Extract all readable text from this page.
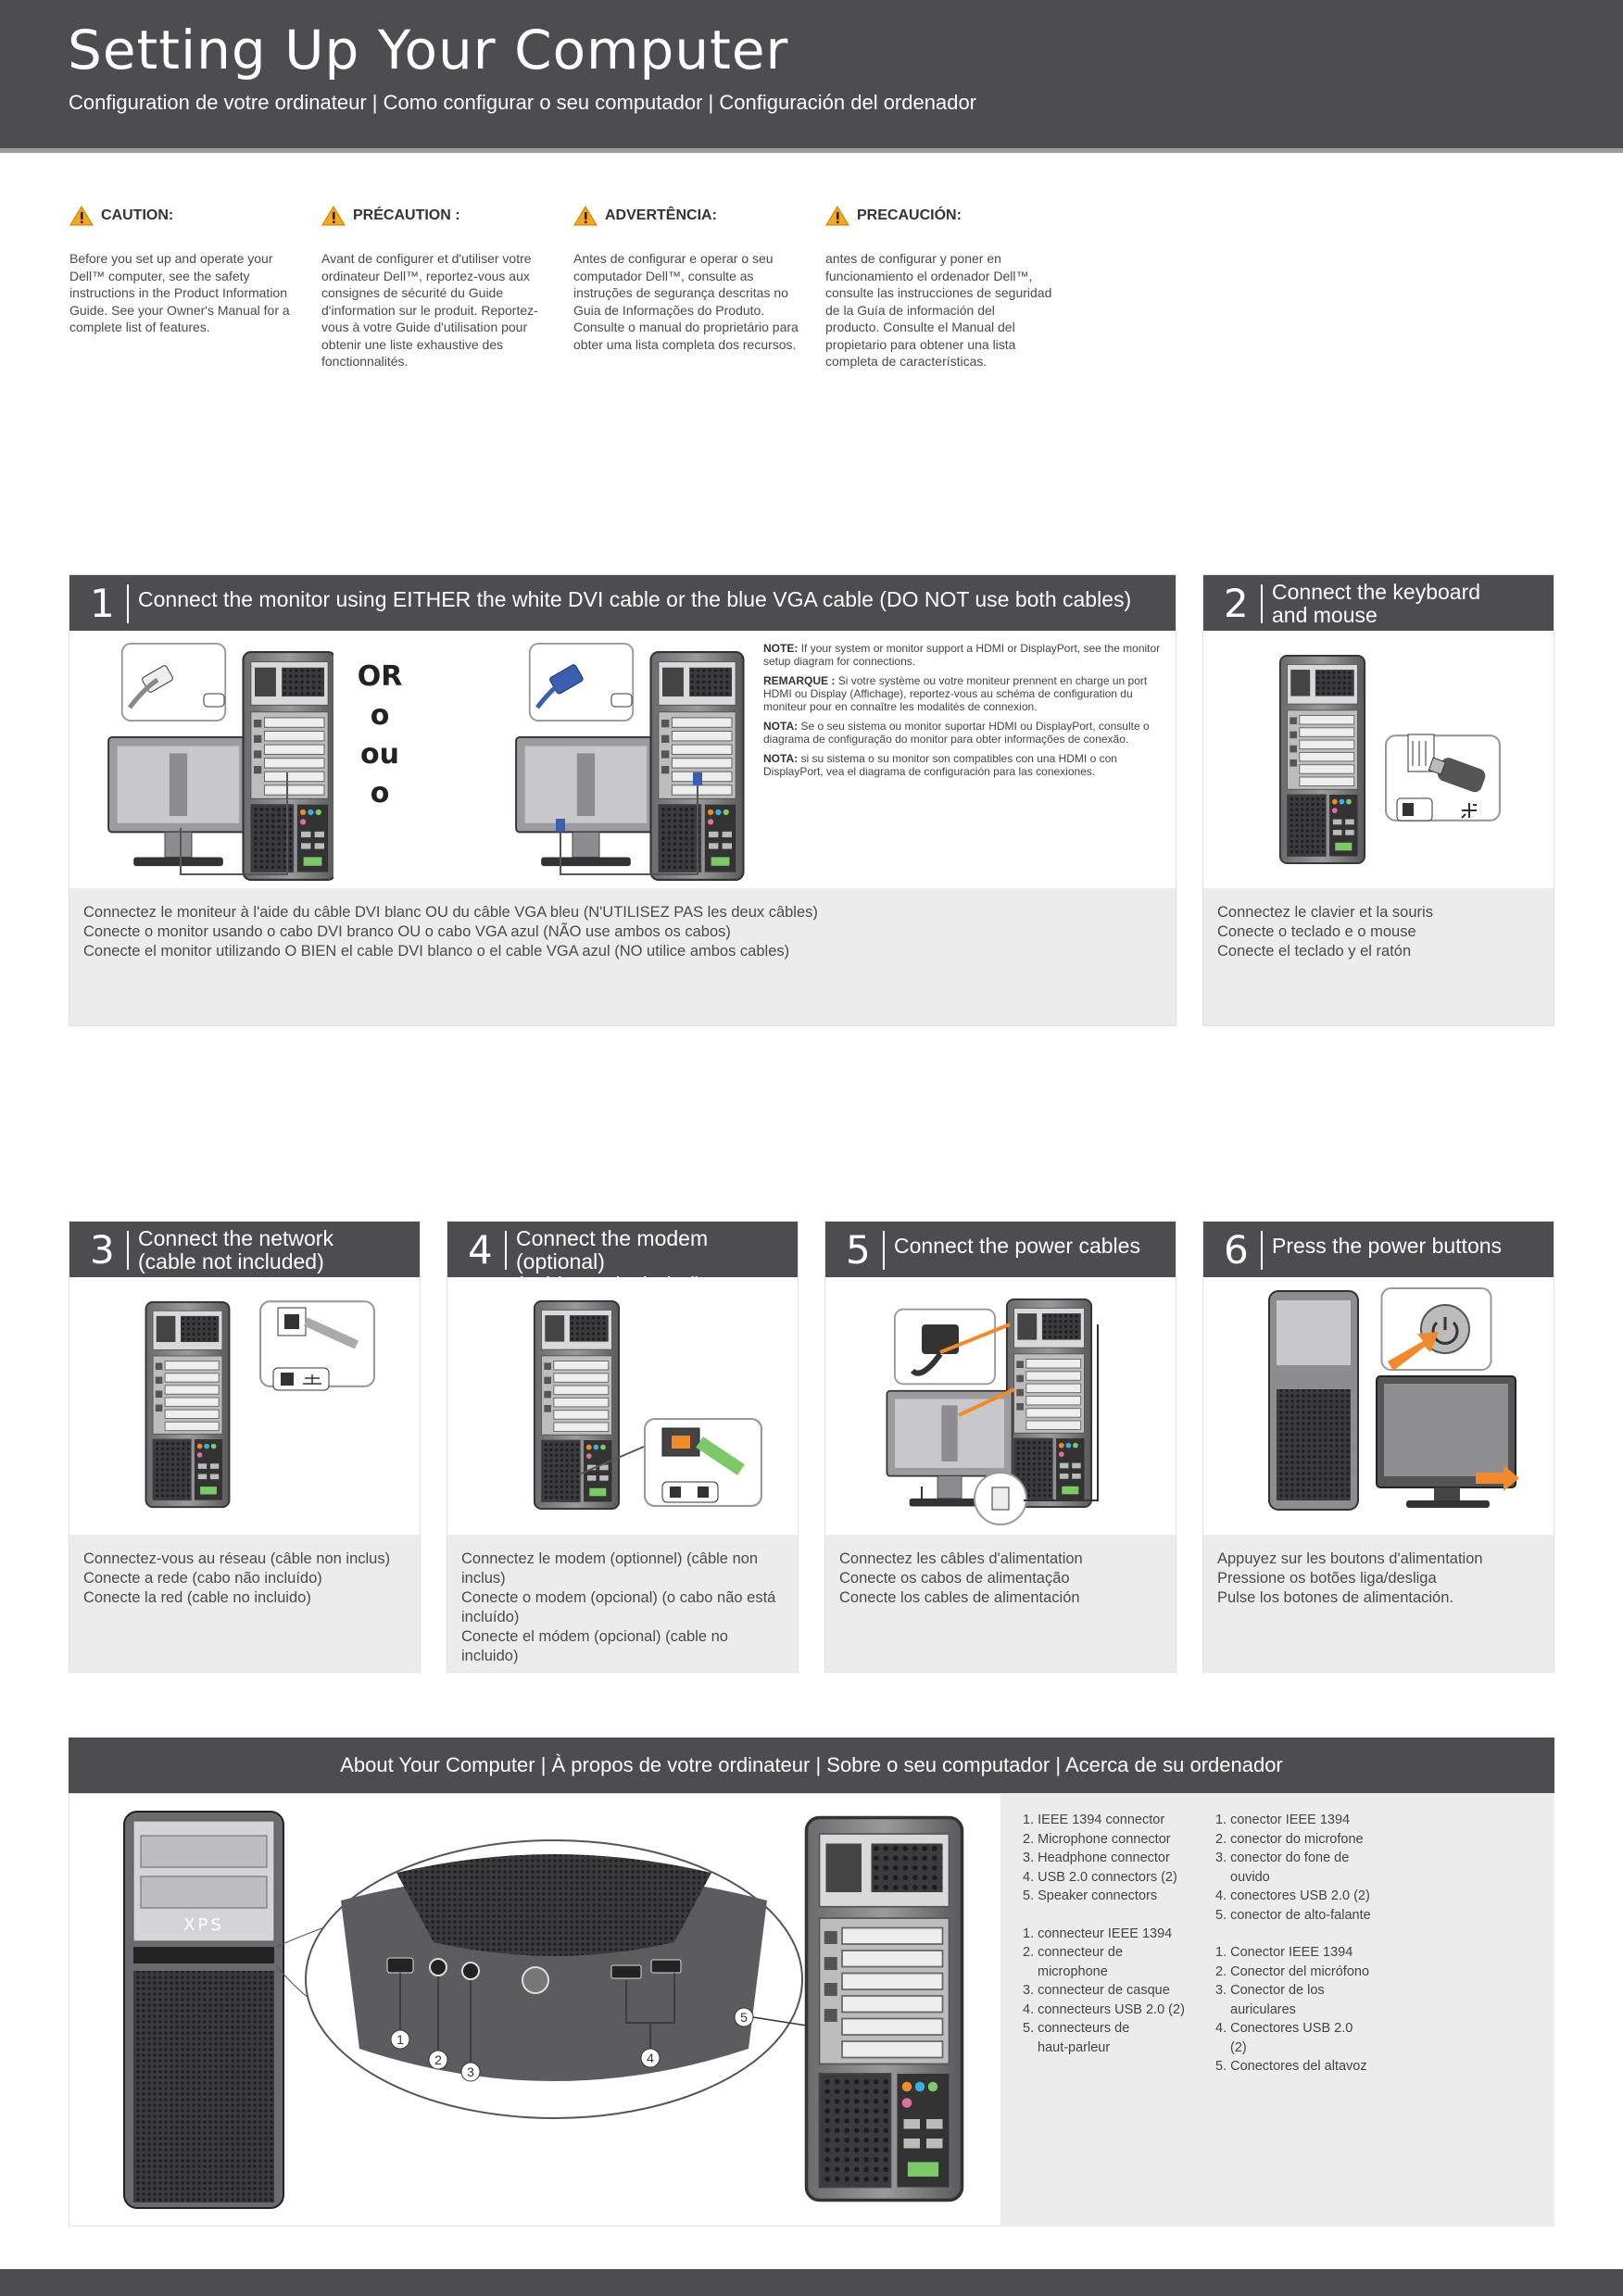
Setting Up Your Computer
Configuration de votre ordinateur | Como configurar o seu computador | Configuración del ordenador
CAUTION:
Before you set up and operate your Dell™ computer, see the safety instructions in the Product Information Guide. See your Owner's Manual for a complete list of features.
PRÉCAUTION :
Avant de configurer et d'utiliser votre ordinateur Dell™, reportez-vous aux consignes de sécurité du Guide d'information sur le produit. Reportez-vous à votre Guide d'utilisation pour obtenir une liste exhaustive des fonctionnalités.
ADVERTÊNCIA:
Antes de configurar e operar o seu computador Dell™, consulte as instruções de segurança descritas no Guia de Informações do Produto. Consulte o manual do proprietário para obter uma lista completa dos recursos.
PRECAUCIÓN:
antes de configurar y poner en funcionamiento el ordenador Dell™, consulte las instrucciones de seguridad de la Guía de información del producto. Consulte el Manual del propietario para obtener una lista completa de características.
1 Connect the monitor using EITHER the white DVI cable or the blue VGA cable (DO NOT use both cables)
Connectez le moniteur à l'aide du câble DVI blanc OU du câble VGA bleu (N'UTILISEZ PAS les deux câbles)
Conecte o monitor usando o cabo DVI branco OU o cabo VGA azul (NÃO use ambos os cabos)
Conecte el monitor utilizando O BIEN el cable DVI blanco o el cable VGA azul (NO utilice ambos cables)
OR
o
ou
o

NOTE: If your system or monitor support a HDMI or DisplayPort, see the monitor setup diagram for connections.

REMARQUE : Si votre système ou votre moniteur prennent en charge un port HDMI ou Display (Affichage), reportez-vous au schéma de configuration du moniteur pour en connaître les modalités de connexion.

NOTA: Se o seu sistema ou monitor suportar HDMI ou DisplayPort, consulte o diagrama de configuração do monitor para obter informações de conexão.

NOTA: si su sistema o su monitor son compatibles con una HDMI o con DisplayPort, vea el diagrama de configuración para las conexiones.

2 Connect the keyboard
and mouse
Connectez le clavier et la souris
Conecte o teclado e o mouse
Conecte el teclado y el ratón
3 Connect the network
(cable not included)
Connectez-vous au réseau (câble non inclus)
Conecte a rede (cabo não incluído)
Conecte la red (cable no incluido)
4 Connect the modem (optional)
(cable not included)
Connectez le modem (optionnel) (câble non inclus)
Conecte o modem (opcional) (o cabo não está incluído)
Conecte el módem (opcional) (cable no incluido)
5 Connect the power cables
Connectez les câbles d'alimentation
Conecte os cabos de alimentação
Conecte los cables de alimentación
6 Press the power buttons
Appuyez sur les boutons d'alimentation
Pressione os botões liga/desliga
Pulse los botones de alimentación.
About Your Computer | À propos de votre ordinateur | Sobre o seu computador | Acerca de su ordenador
XPS
1
2
3
4
5
1. IEEE 1394 connector
2. Microphone connector
3. Headphone connector
4. USB 2.0 connectors (2)
5. Speaker connectors
1. connecteur IEEE 1394
2. connecteur de microphone
3. connecteur de casque
4. connecteurs USB 2.0 (2)
5. connecteurs de haut-parleur
1. conector IEEE 1394
2. conector do microfone
3. conector do fone de ouvido
4. conectores USB 2.0 (2)
5. conector de alto-falante
1. Conector IEEE 1394
2. Conector del micrófono
3. Conector de los auriculares
4. Conectores USB 2.0 (2)
5. Conectores del altavoz
